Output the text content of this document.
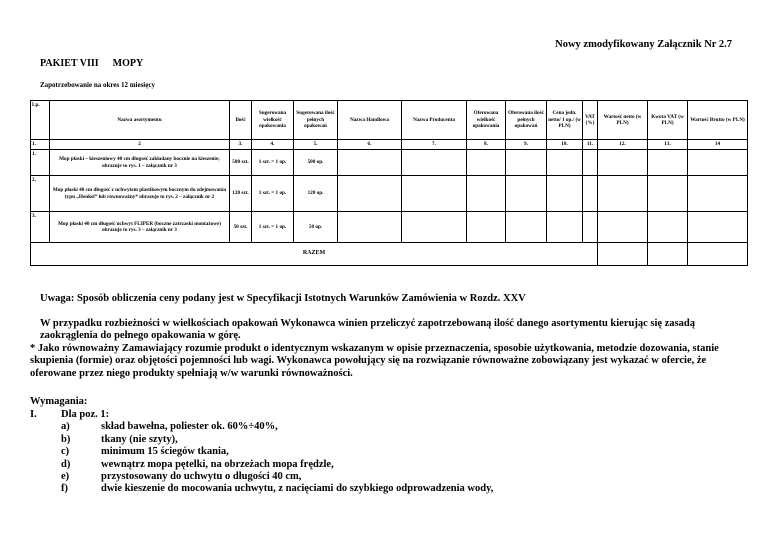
Nowy zmodyfikowany Załącznik Nr 2.7
PAKIET VIII MOPY
Zapotrzebowanie na okres 12 miesięcy
Lp.	Nazwa asortymentu	Ilość	Sugerowana wielkość opakowania	Sugerowana ilość pełnych opakowań	Nazwa Handlowa	Nazwa Producenta	Oferowana wielkość opakowania	Oferowana ilość pełnych opakowań	Cena jedn. netto/ 1 op./ (w PLN)	VAT (%)	Wartość netto (w PLN)	Kwota VAT (w PLN)	Wartość Brutto (w PLN)
1.	2	3.	4.	5.	6.	7.	8.	9.	10.	11.	12.	13.	14
1.	Mop płaski – kieszeniowy 40 cm długość zakładany bocznie na kieszenie; obrazuje to rys. 1 – załącznik nr 3	500 szt.	1 szt. = 1 op.	500 op.									
2.	Mop płaski 40 cm długość z uchwytem plastikowym bocznym do zdejmowania typu „Henkel” lub równoważny* obrazuje to rys. 2 – załącznik nr 2	120 szt.	1 szt. = 1 op.	120 op.									
3.	Mop płaski 40 cm długość uchwyt FLIPER (boczne zatrzaski montażowe) obrazuje to rys. 3 – załącznik nr 3	50 szt.	1 szt. = 1 op.	50 op.									
RAZEM													
Uwaga: Sposób obliczenia ceny podany jest w Specyfikacji Istotnych Warunków Zamówienia w Rozdz. XXV
W przypadku rozbieżności w wielkościach opakowań Wykonawca winien przeliczyć zapotrzebowaną ilość danego asortymentu kierując się zasadą zaokrąglenia do pełnego opakowania w górę.
* Jako równoważny Zamawiający rozumie produkt o identycznym wskazanym w opisie przeznaczenia, sposobie użytkowania, metodzie dozowania, stanie skupienia (formie) oraz objętości pojemności lub wagi. Wykonawca powołujący się na rozwiązanie równoważne zobowiązany jest wykazać w ofercie, że oferowane przez niego produkty spełniają w/w warunki równoważności.
Wymagania:
I. Dla poz. 1:
a)	skład bawełna, poliester ok. 60%÷40%,
b)	tkany (nie szyty),
c)	minimum 15 ściegów tkania,
d)	wewnątrz mopa pętelki, na obrzeżach mopa frędzle,
e)	przystosowany do uchwytu o długości 40 cm,
f)	dwie kieszenie do mocowania uchwytu, z nacięciami do szybkiego odprowadzenia wody,
